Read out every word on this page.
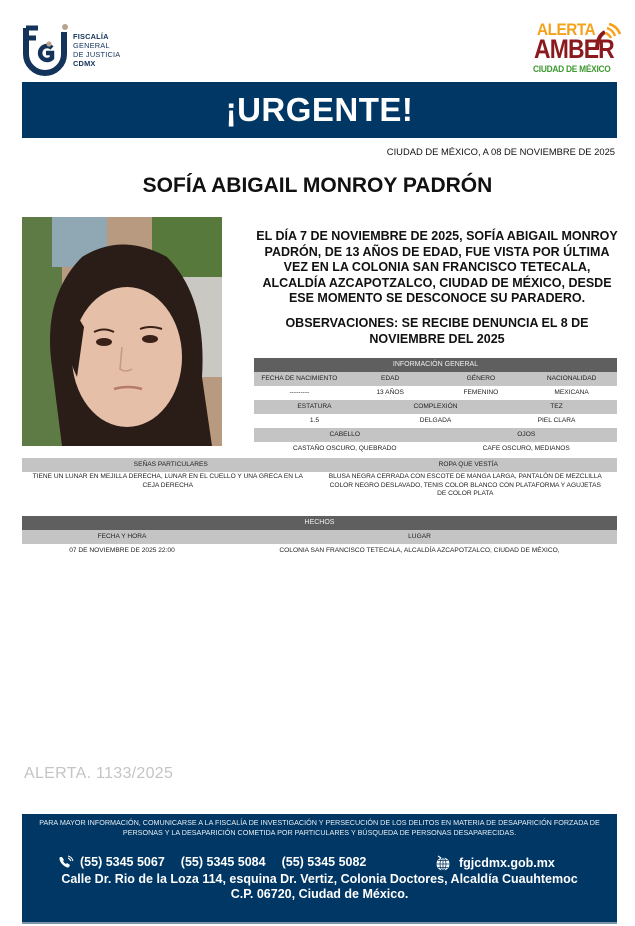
FISCALÍA
GENERAL
DE JUSTICIA
CDMX
ALERTA
AMBER
CIUDAD DE MÉXICO
¡URGENTE!
CIUDAD DE MÉXICO, A 08 DE NOVIEMBRE DE 2025
SOFÍA ABIGAIL MONROY PADRÓN
EL DÍA 7 DE NOVIEMBRE DE 2025, SOFÍA ABIGAIL MONROY PADRÓN, DE 13 AÑOS DE EDAD, FUE VISTA POR ÚLTIMA VEZ EN LA COLONIA SAN FRANCISCO TETECALA, ALCALDÍA AZCAPOTZALCO, CIUDAD DE MÉXICO, DESDE ESE MOMENTO SE DESCONOCE SU PARADERO.
OBSERVACIONES: SE RECIBE DENUNCIA EL 8 DE NOVIEMBRE DEL 2025
INFORMACIÓN GENERAL
FECHA DE NACIMIENTO	EDAD	GÉNERO	NACIONALIDAD
---------	13 AÑOS	FEMENINO	MEXICANA
ESTATURA	COMPLEXIÓN	TEZ
1.5	DELGADA	PIEL CLARA
CABELLO	OJOS
CASTAÑO OSCURO, QUEBRADO	CAFE OSCURO, MEDIANOS
SEÑAS PARTICULARES	ROPA QUE VESTÍA
TIENE UN LUNAR EN MEJILLA DERECHA, LUNAR EN EL CUELLO Y UNA GRECA EN LA CEJA DERECHA
BLUSA NEGRA CERRADA CON ESCOTE DE MANGA LARGA, PANTALÓN DE MEZCLILLA COLOR NEGRO DESLAVADO, TENIS COLOR BLANCO CON PLATAFORMA Y AGUJETAS DE COLOR PLATA
HECHOS
FECHA Y HORA	LUGAR
07 DE NOVIEMBRE DE 2025 22:00	COLONIA SAN FRANCISCO TETECALA, ALCALDÍA AZCAPOTZALCO, CIUDAD DE MÉXICO,
ALERTA. 1133/2025
PARA MAYOR INFORMACIÓN, COMUNICARSE A LA FISCALÍA DE INVESTIGACIÓN Y PERSECUCIÓN DE LOS DELITOS EN MATERIA DE DESAPARICIÓN FORZADA DE PERSONAS Y LA DESAPARICIÓN COMETIDA POR PARTICULARES Y BÚSQUEDA DE PERSONAS DESAPARECIDAS.
(55) 5345 5067 (55) 5345 5084 (55) 5345 5082	fgjcdmx.gob.mx
Calle Dr. Rio de la Loza 114, esquina Dr. Vertiz, Colonia Doctores, Alcaldía Cuauhtemoc
C.P. 06720, Ciudad de México.
